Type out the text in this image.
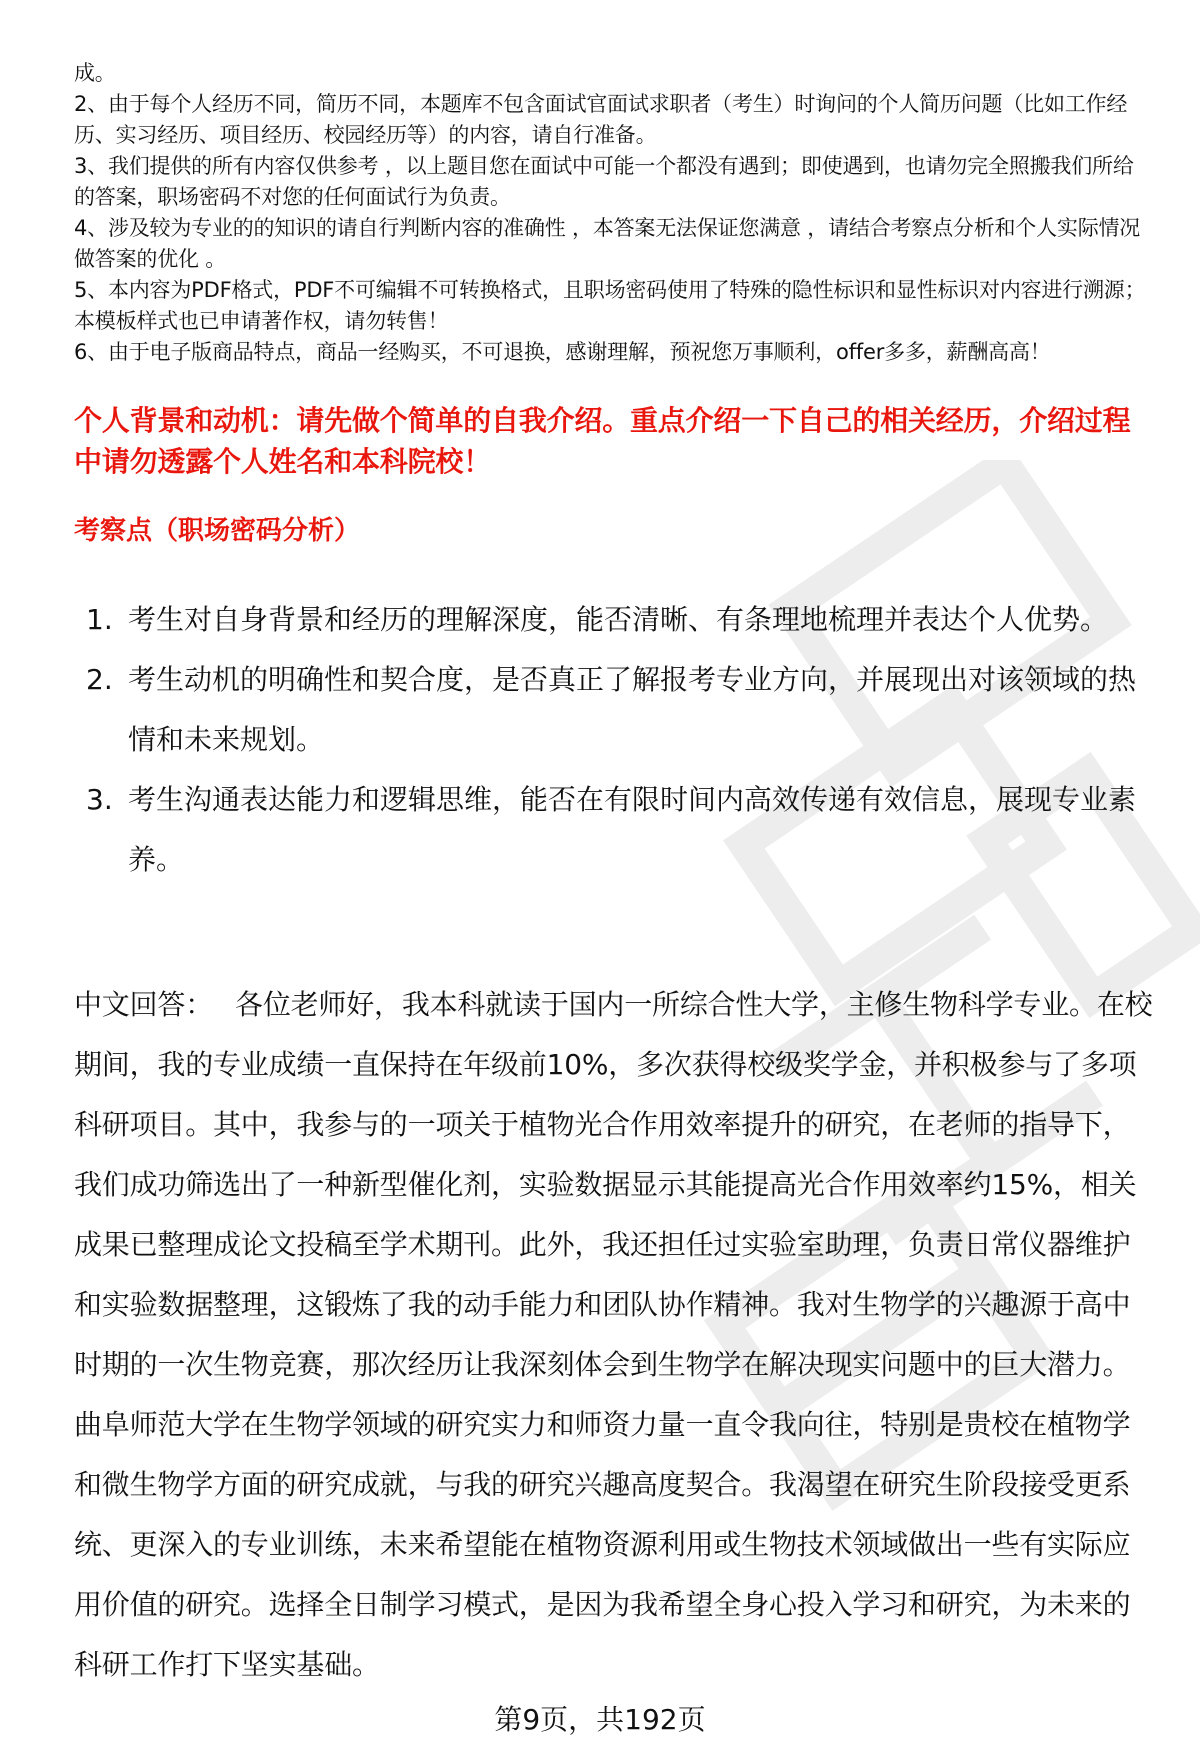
成。

2、由于每个人经历不同，简历不同，本题库不包含面试官面试求职者（考生）时询问的个人简历问题（比如工作经历、实习经历、项目经历、校园经历等）的内容，请自行准备。

3、我们提供的所有内容仅供参考 ，以上题目您在面试中可能一个都没有遇到；即使遇到，也请勿完全照搬我们所给的答案，职场密码不对您的任何面试行为负责。

4、涉及较为专业的的知识的请自行判断内容的准确性 ，本答案无法保证您满意 ，请结合考察点分析和个人实际情况做答案的优化 。

5、本内容为PDF格式，PDF不可编辑不可转换格式，且职场密码使用了特殊的隐性标识和显性标识对内容进行溯源；本模板样式也已申请著作权，请勿转售！

6、由于电子版商品特点，商品一经购买，不可退换，感谢理解，预祝您万事顺利，offer多多，薪酬高高！

个人背景和动机：请先做个简单的自我介绍。重点介绍一下自己的相关经历，介绍过程中请勿透露个人姓名和本科院校！

考察点（职场密码分析）

1. 考生对自身背景和经历的理解深度，能否清晰、有条理地梳理并表达个人优势。
2. 考生动机的明确性和契合度，是否真正了解报考专业方向，并展现出对该领域的热情和未来规划。
3. 考生沟通表达能力和逻辑思维，能否在有限时间内高效传递有效信息，展现专业素养。

中文回答： 各位老师好，我本科就读于国内一所综合性大学，主修生物科学专业。在校期间，我的专业成绩一直保持在年级前10%，多次获得校级奖学金，并积极参与了多项科研项目。其中，我参与的一项关于植物光合作用效率提升的研究，在老师的指导下，我们成功筛选出了一种新型催化剂，实验数据显示其能提高光合作用效率约15%，相关成果已整理成论文投稿至学术期刊。此外，我还担任过实验室助理，负责日常仪器维护和实验数据整理，这锻炼了我的动手能力和团队协作精神。我对生物学的兴趣源于高中时期的一次生物竞赛，那次经历让我深刻体会到生物学在解决现实问题中的巨大潜力。曲阜师范大学在生物学领域的研究实力和师资力量一直令我向往，特别是贵校在植物学和微生物学方面的研究成就，与我的研究兴趣高度契合。我渴望在研究生阶段接受更系统、更深入的专业训练，未来希望能在植物资源利用或生物技术领域做出一些有实际应用价值的研究。选择全日制学习模式，是因为我希望全身心投入学习和研究，为未来的科研工作打下坚实基础。

第9页，共192页
